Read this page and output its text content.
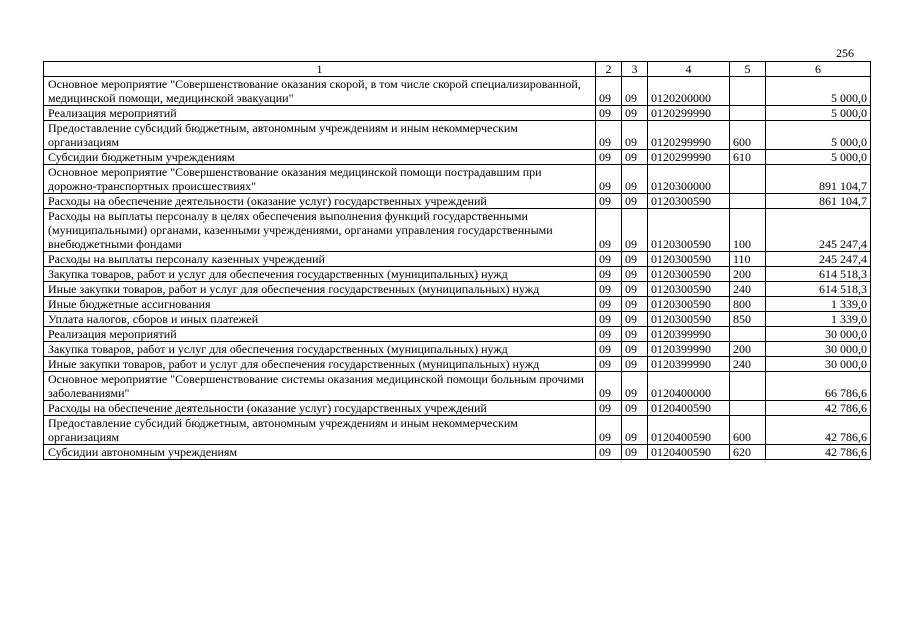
256
1	2	3	4	5	6
Основное мероприятие "Совершенствование оказания скорой, в том числе скорой специализированной, медицинской помощи, медицинской эвакуации"	09	09	0120200000		5 000,0
Реализация мероприятий	09	09	0120299990		5 000,0
Предоставление субсидий бюджетным, автономным учреждениям и иным некоммерческим организациям	09	09	0120299990	600	5 000,0
Субсидии бюджетным учреждениям	09	09	0120299990	610	5 000,0
Основное мероприятие "Совершенствование оказания медицинской помощи пострадавшим при дорожно-транспортных происшествиях"	09	09	0120300000		891 104,7
Расходы на обеспечение деятельности (оказание услуг) государственных учреждений	09	09	0120300590		861 104,7
Расходы на выплаты персоналу в целях обеспечения выполнения функций государственными (муниципальными) органами, казенными учреждениями, органами управления государственными внебюджетными фондами	09	09	0120300590	100	245 247,4
Расходы на выплаты персоналу казенных учреждений	09	09	0120300590	110	245 247,4
Закупка товаров, работ и услуг для обеспечения государственных (муниципальных) нужд	09	09	0120300590	200	614 518,3
Иные закупки товаров, работ и услуг для обеспечения государственных (муниципальных) нужд	09	09	0120300590	240	614 518,3
Иные бюджетные ассигнования	09	09	0120300590	800	1 339,0
Уплата налогов, сборов и иных платежей	09	09	0120300590	850	1 339,0
Реализация мероприятий	09	09	0120399990		30 000,0
Закупка товаров, работ и услуг для обеспечения государственных (муниципальных) нужд	09	09	0120399990	200	30 000,0
Иные закупки товаров, работ и услуг для обеспечения государственных (муниципальных) нужд	09	09	0120399990	240	30 000,0
Основное мероприятие "Совершенствование системы оказания медицинской помощи больным прочими заболеваниями"	09	09	0120400000		66 786,6
Расходы на обеспечение деятельности (оказание услуг) государственных учреждений	09	09	0120400590		42 786,6
Предоставление субсидий бюджетным, автономным учреждениям и иным некоммерческим организациям	09	09	0120400590	600	42 786,6
Субсидии автономным учреждениям	09	09	0120400590	620	42 786,6
